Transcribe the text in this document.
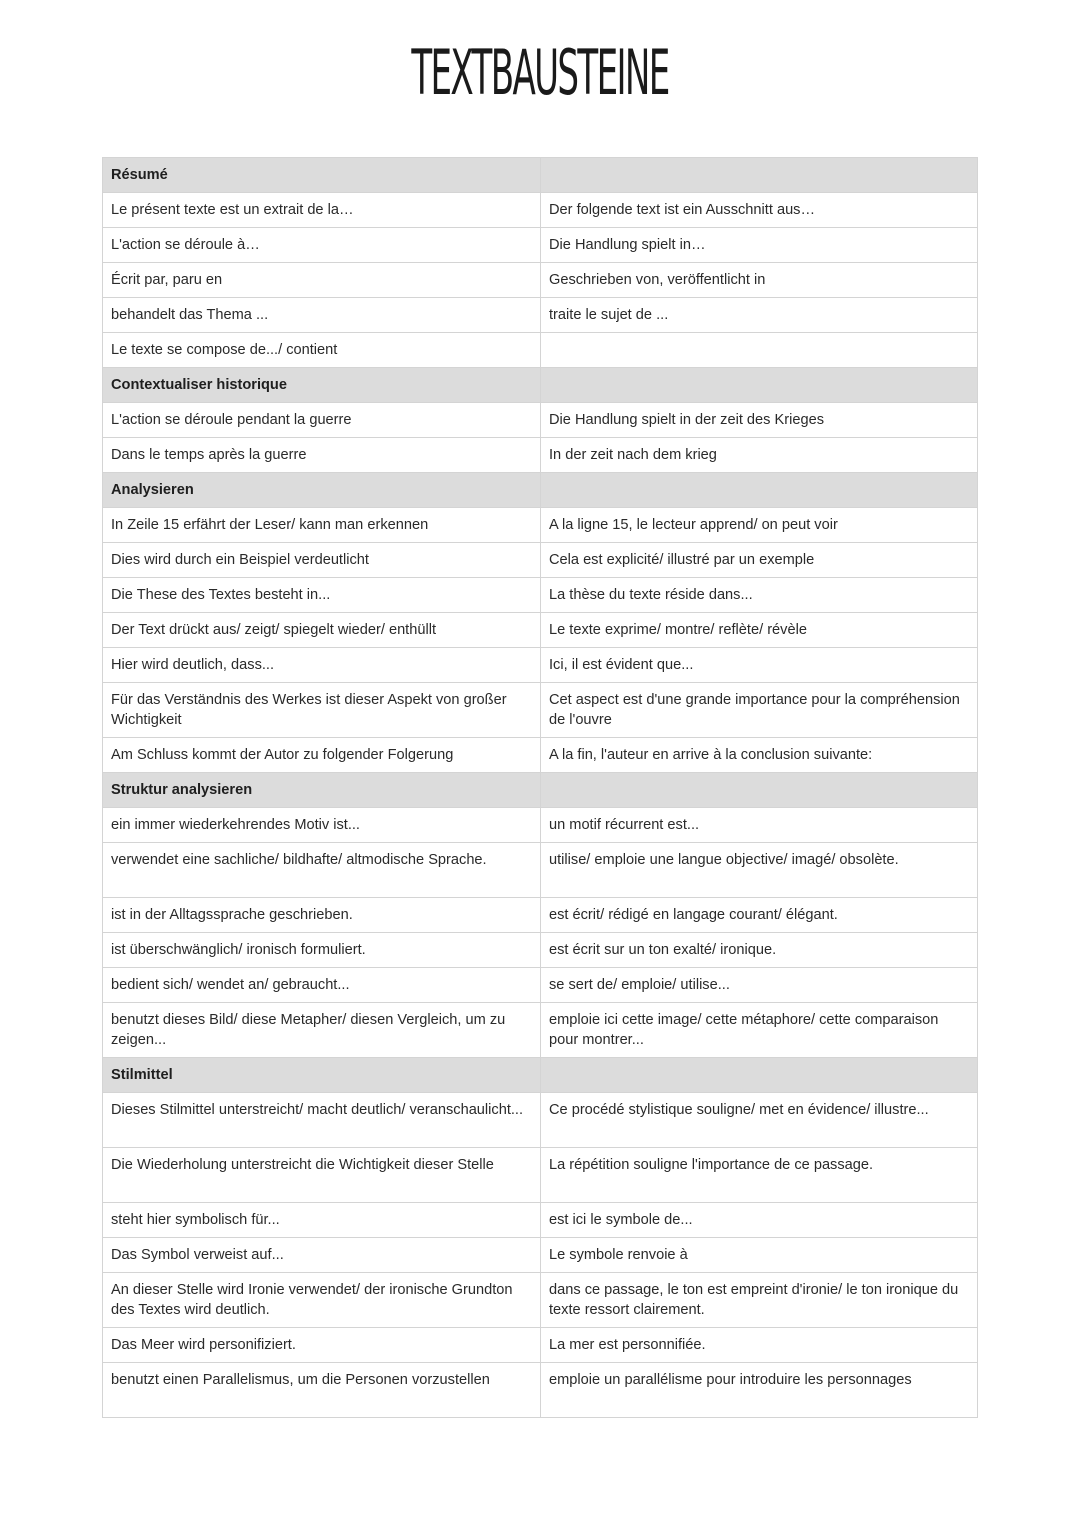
TEXTBAUSTEINE
Résumé	
Le présent texte est un extrait de la…	Der folgende text ist ein Ausschnitt aus…
L'action se déroule à…	Die Handlung spielt in…
Écrit par, paru en	Geschrieben von, veröffentlicht in
behandelt das Thema ...	traite le sujet de ...
Le texte se compose de.../ contient	
Contextualiser historique	
L'action se déroule pendant la guerre	Die Handlung spielt in der zeit des Krieges
Dans le temps après la guerre	In der zeit nach dem krieg
Analysieren	
In Zeile 15 erfährt der Leser/ kann man erkennen	A la ligne 15, le lecteur apprend/ on peut voir
Dies wird durch ein Beispiel verdeutlicht	Cela est explicité/ illustré par un exemple
Die These des Textes besteht in...	La thèse du texte réside dans...
Der Text drückt aus/ zeigt/ spiegelt wieder/ enthüllt	Le texte exprime/ montre/ reflète/ révèle
Hier wird deutlich, dass...	Ici, il est évident que...
Für das Verständnis des Werkes ist dieser Aspekt von großer Wichtigkeit	Cet aspect est d'une grande importance pour la compréhension de l'ouvre
Am Schluss kommt der Autor zu folgender Folgerung	A la fin, l'auteur en arrive à la conclusion suivante:
Struktur analysieren	
ein immer wiederkehrendes Motiv ist...	un motif récurrent est...
verwendet eine sachliche/ bildhafte/ altmodische Sprache.	utilise/ emploie une langue objective/ imagé/ obsolète.
ist in der Alltagssprache geschrieben.	est écrit/ rédigé en langage courant/ élégant.
ist überschwänglich/ ironisch formuliert.	est écrit sur un ton exalté/ ironique.
bedient sich/ wendet an/ gebraucht...	se sert de/ emploie/ utilise...
benutzt dieses Bild/ diese Metapher/ diesen Vergleich, um zu zeigen...	emploie ici cette image/ cette métaphore/ cette comparaison pour montrer...
Stilmittel	
Dieses Stilmittel unterstreicht/ macht deutlich/ veranschaulicht...	Ce procédé stylistique souligne/ met en évidence/ illustre...
Die Wiederholung unterstreicht die Wichtigkeit dieser Stelle	La répétition souligne l'importance de ce passage.
steht hier symbolisch für...	est ici le symbole de...
Das Symbol verweist auf...	Le symbole renvoie à
An dieser Stelle wird Ironie verwendet/ der ironische Grundton des Textes wird deutlich.	dans ce passage, le ton est empreint d'ironie/ le ton ironique du texte ressort clairement.
Das Meer wird personifiziert.	La mer est personnifiée.
benutzt einen Parallelismus, um die Personen vorzustellen	emploie un parallélisme pour introduire les personnages
